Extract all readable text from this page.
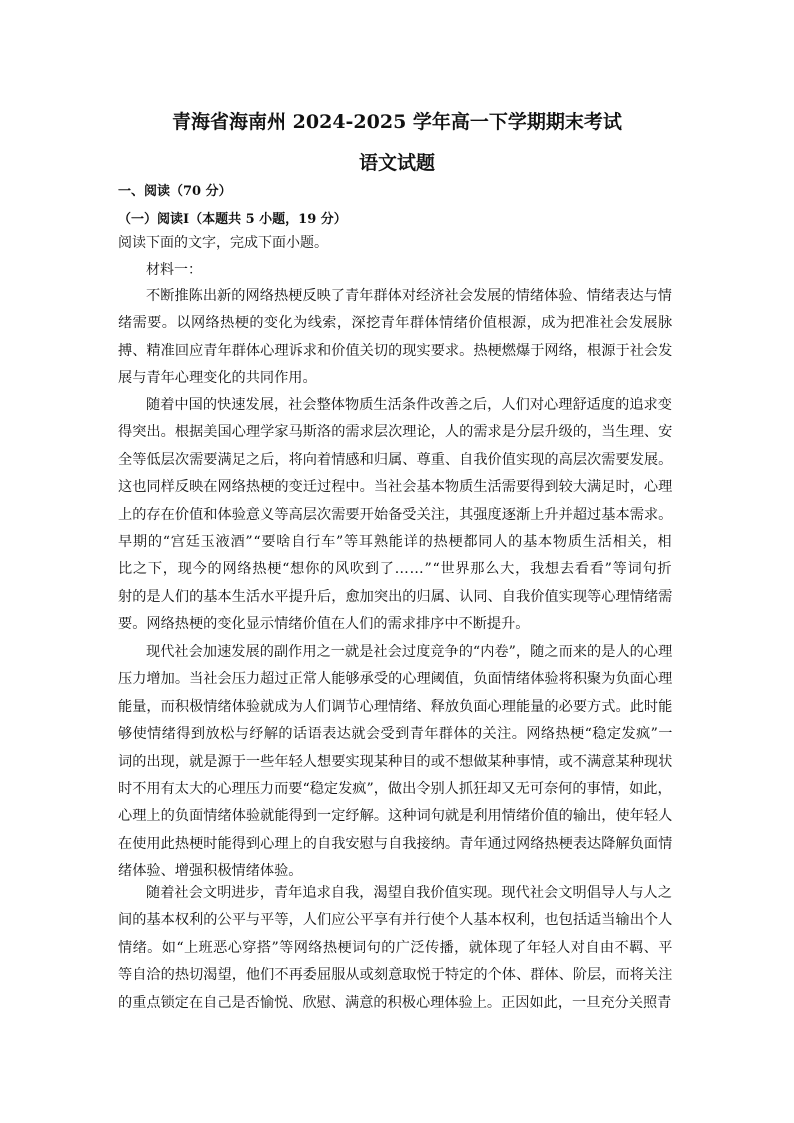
青海省海南州 2024-2025 学年高一下学期期末考试
语文试题
一、阅读（70 分）
（一）阅读Ⅰ（本题共 5 小题，19 分）
阅读下面的文字，完成下面小题。
材料一：
不断推陈出新的网络热梗反映了青年群体对经济社会发展的情绪体验、情绪表达与情
绪需要。以网络热梗的变化为线索，深挖青年群体情绪价值根源，成为把准社会发展脉
搏、精准回应青年群体心理诉求和价值关切的现实要求。热梗燃爆于网络，根源于社会发
展与青年心理变化的共同作用。
随着中国的快速发展，社会整体物质生活条件改善之后，人们对心理舒适度的追求变
得突出。根据美国心理学家马斯洛的需求层次理论，人的需求是分层升级的，当生理、安
全等低层次需要满足之后，将向着情感和归属、尊重、自我价值实现的高层次需要发展。
这也同样反映在网络热梗的变迁过程中。当社会基本物质生活需要得到较大满足时，心理
上的存在价值和体验意义等高层次需要开始备受关注，其强度逐渐上升并超过基本需求。
早期的“宫廷玉液酒”“要啥自行车”等耳熟能详的热梗都同人的基本物质生活相关，相
比之下，现今的网络热梗“想你的风吹到了……”“世界那么大，我想去看看”等词句折
射的是人们的基本生活水平提升后，愈加突出的归属、认同、自我价值实现等心理情绪需
要。网络热梗的变化显示情绪价值在人们的需求排序中不断提升。
现代社会加速发展的副作用之一就是社会过度竞争的“内卷”，随之而来的是人的心理
压力增加。当社会压力超过正常人能够承受的心理阈值，负面情绪体验将积聚为负面心理
能量，而积极情绪体验就成为人们调节心理情绪、释放负面心理能量的必要方式。此时能
够使情绪得到放松与纾解的话语表达就会受到青年群体的关注。网络热梗“稳定发疯”一
词的出现，就是源于一些年轻人想要实现某种目的或不想做某种事情，或不满意某种现状
时不用有太大的心理压力而要“稳定发疯”，做出令别人抓狂却又无可奈何的事情，如此，
心理上的负面情绪体验就能得到一定纾解。这种词句就是利用情绪价值的输出，使年轻人
在使用此热梗时能得到心理上的自我安慰与自我接纳。青年通过网络热梗表达降解负面情
绪体验、增强积极情绪体验。
随着社会文明进步，青年追求自我，渴望自我价值实现。现代社会文明倡导人与人之
间的基本权利的公平与平等，人们应公平享有并行使个人基本权利，也包括适当输出个人
情绪。如“上班恶心穿搭”等网络热梗词句的广泛传播，就体现了年轻人对自由不羁、平
等自洽的热切渴望，他们不再委屈服从或刻意取悦于特定的个体、群体、阶层，而将关注
的重点锁定在自己是否愉悦、欣慰、满意的积极心理体验上。正因如此，一旦充分关照青
